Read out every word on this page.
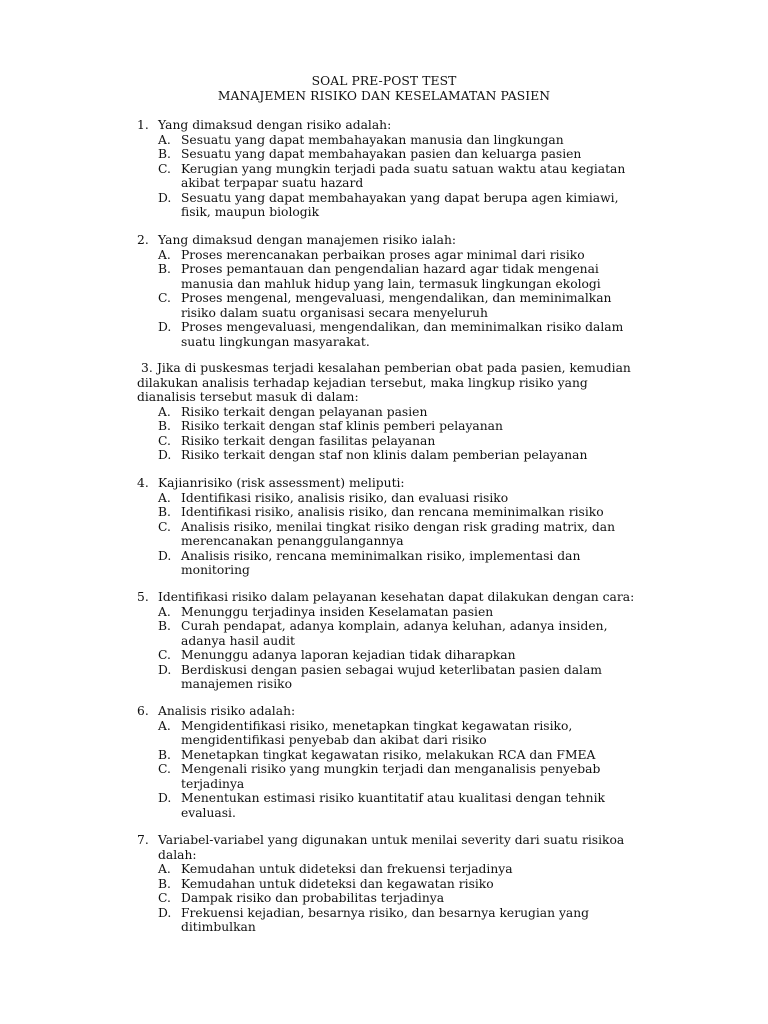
SOAL PRE-POST TEST
MANAJEMEN RISIKO DAN KESELAMATAN PASIEN
1. Yang dimaksud dengan risiko adalah:
A. Sesuatu yang dapat membahayakan manusia dan lingkungan
B. Sesuatu yang dapat membahayakan pasien dan keluarga pasien
C. Kerugian yang mungkin terjadi pada suatu satuan waktu atau kegiatan akibat terpapar suatu hazard
D. Sesuatu yang dapat membahayakan yang dapat berupa agen kimiawi, fisik, maupun biologik
2. Yang dimaksud dengan manajemen risiko ialah:
A. Proses merencanakan perbaikan proses agar minimal dari risiko
B. Proses pemantauan dan pengendalian hazard agar tidak mengenai manusia dan mahluk hidup yang lain, termasuk lingkungan ekologi
C. Proses mengenal, mengevaluasi, mengendalikan, dan meminimalkan risiko dalam suatu organisasi secara menyeluruh
D. Proses mengevaluasi, mengendalikan, dan meminimalkan risiko dalam suatu lingkungan masyarakat.
3. Jika di puskesmas terjadi kesalahan pemberian obat pada pasien, kemudian dilakukan analisis terhadap kejadian tersebut, maka lingkup risiko yang dianalisis tersebut masuk di dalam:
A. Risiko terkait dengan pelayanan pasien
B. Risiko terkait dengan staf klinis pemberi pelayanan
C. Risiko terkait dengan fasilitas pelayanan
D. Risiko terkait dengan staf non klinis dalam pemberian pelayanan
4. Kajianrisiko (risk assessment) meliputi:
A. Identifikasi risiko, analisis risiko, dan evaluasi risiko
B. Identifikasi risiko, analisis risiko, dan rencana meminimalkan risiko
C. Analisis risiko, menilai tingkat risiko dengan risk grading matrix, dan merencanakan penanggulangannya
D. Analisis risiko, rencana meminimalkan risiko, implementasi dan monitoring
5. Identifikasi risiko dalam pelayanan kesehatan dapat dilakukan dengan cara:
A. Menunggu terjadinya insiden Keselamatan pasien
B. Curah pendapat, adanya komplain, adanya keluhan, adanya insiden, adanya hasil audit
C. Menunggu adanya laporan kejadian tidak diharapkan
D. Berdiskusi dengan pasien sebagai wujud keterlibatan pasien dalam manajemen risiko
6. Analisis risiko adalah:
A. Mengidentifikasi risiko, menetapkan tingkat kegawatan risiko, mengidentifikasi penyebab dan akibat dari risiko
B. Menetapkan tingkat kegawatan risiko, melakukan RCA dan FMEA
C. Mengenali risiko yang mungkin terjadi dan menganalisis penyebab terjadinya
D. Menentukan estimasi risiko kuantitatif atau kualitasi dengan tehnik evaluasi.
7. Variabel-variabel yang digunakan untuk menilai severity dari suatu risikoa dalah:
A. Kemudahan untuk dideteksi dan frekuensi terjadinya
B. Kemudahan untuk dideteksi dan kegawatan risiko
C. Dampak risiko dan probabilitas terjadinya
D. Frekuensi kejadian, besarnya risiko, dan besarnya kerugian yang ditimbulkan
